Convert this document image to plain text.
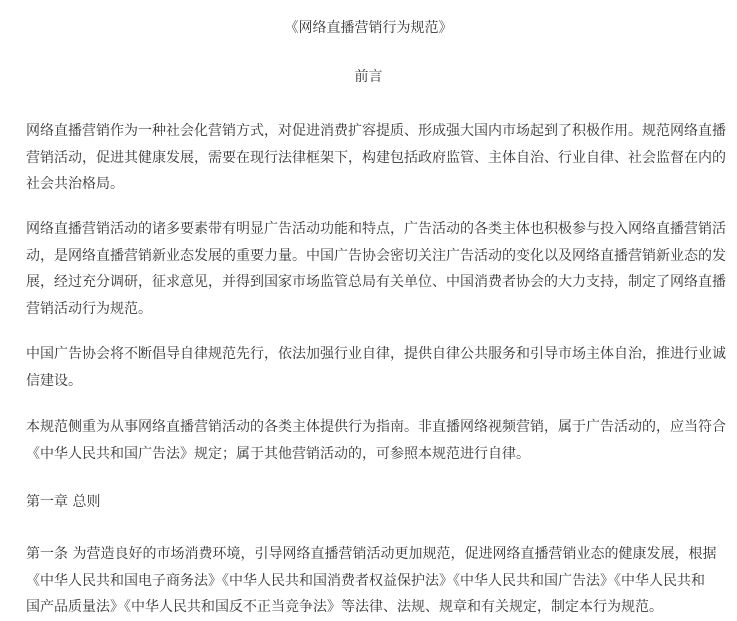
《网络直播营销行为规范》
前言

网络直播营销作为一种社会化营销方式，对促进消费扩容提质、形成强大国内市场起到了积极作用。规范网络直播
营销活动，促进其健康发展，需要在现行法律框架下，构建包括政府监管、主体自治、行业自律、社会监督在内的
社会共治格局。

网络直播营销活动的诸多要素带有明显广告活动功能和特点，广告活动的各类主体也积极参与投入网络直播营销活
动，是网络直播营销新业态发展的重要力量。中国广告协会密切关注广告活动的变化以及网络直播营销新业态的发
展，经过充分调研，征求意见，并得到国家市场监管总局有关单位、中国消费者协会的大力支持，制定了网络直播
营销活动行为规范。

中国广告协会将不断倡导自律规范先行，依法加强行业自律，提供自律公共服务和引导市场主体自治，推进行业诚
信建设。

本规范侧重为从事网络直播营销活动的各类主体提供行为指南。非直播网络视频营销，属于广告活动的，应当符合
《中华人民共和国广告法》规定；属于其他营销活动的，可参照本规范进行自律。

第一章 总则

第一条 为营造良好的市场消费环境，引导网络直播营销活动更加规范，促进网络直播营销业态的健康发展，根据
《中华人民共和国电子商务法》《中华人民共和国消费者权益保护法》《中华人民共和国广告法》《中华人民共和
国产品质量法》《中华人民共和国反不正当竞争法》等法律、法规、规章和有关规定，制定本行为规范。
